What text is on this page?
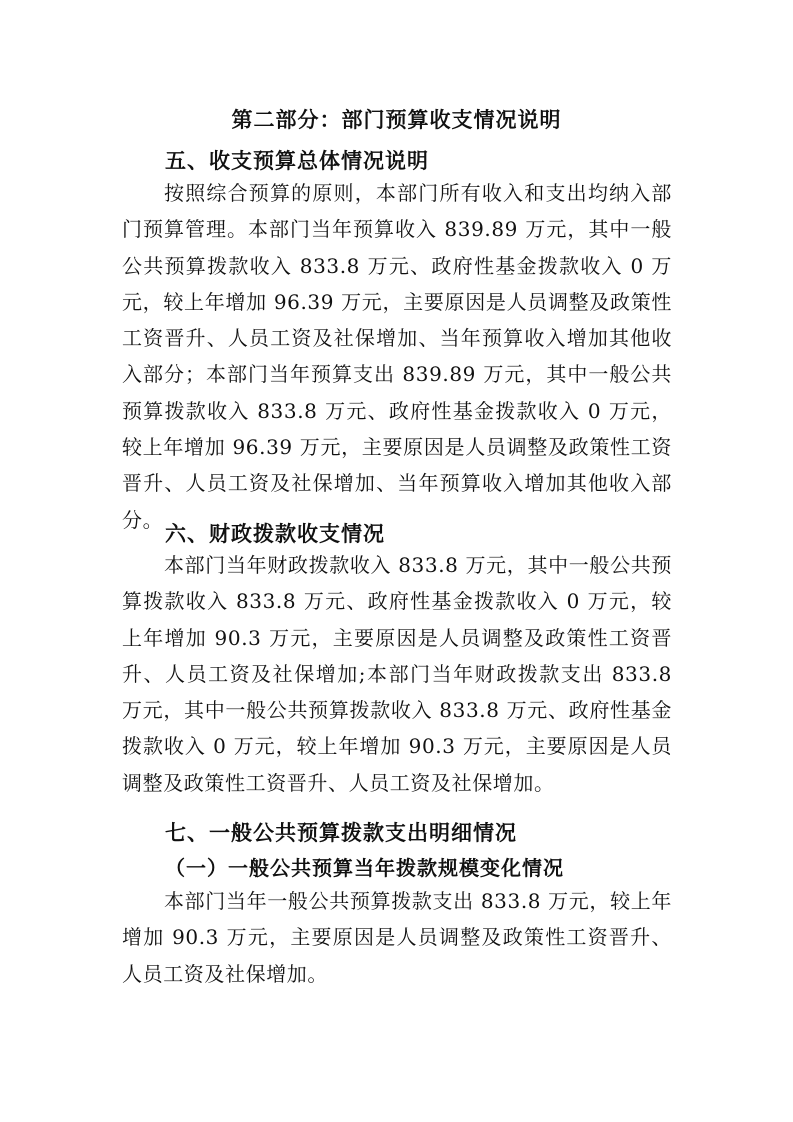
第二部分：部门预算收支情况说明
五、收支预算总体情况说明

按照综合预算的原则，本部门所有收入和支出均纳入部门预算管理。本部门当年预算收入 839.89 万元，其中一般公共预算拨款收入 833.8 万元、政府性基金拨款收入 0 万元，较上年增加 96.39 万元，主要原因是人员调整及政策性工资晋升、人员工资及社保增加、当年预算收入增加其他收入部分；本部门当年预算支出 839.89 万元，其中一般公共预算拨款收入 833.8 万元、政府性基金拨款收入 0 万元，较上年增加 96.39 万元，主要原因是人员调整及政策性工资晋升、人员工资及社保增加、当年预算收入增加其他收入部分。

六、财政拨款收支情况

本部门当年财政拨款收入 833.8 万元，其中一般公共预算拨款收入 833.8 万元、政府性基金拨款收入 0 万元，较上年增加 90.3 万元，主要原因是人员调整及政策性工资晋升、人员工资及社保增加;本部门当年财政拨款支出 833.8 万元，其中一般公共预算拨款收入 833.8 万元、政府性基金拨款收入 0 万元，较上年增加 90.3 万元，主要原因是人员调整及政策性工资晋升、人员工资及社保增加。

七、一般公共预算拨款支出明细情况
（一）一般公共预算当年拨款规模变化情况

本部门当年一般公共预算拨款支出 833.8 万元，较上年增加 90.3 万元，主要原因是人员调整及政策性工资晋升、人员工资及社保增加。
